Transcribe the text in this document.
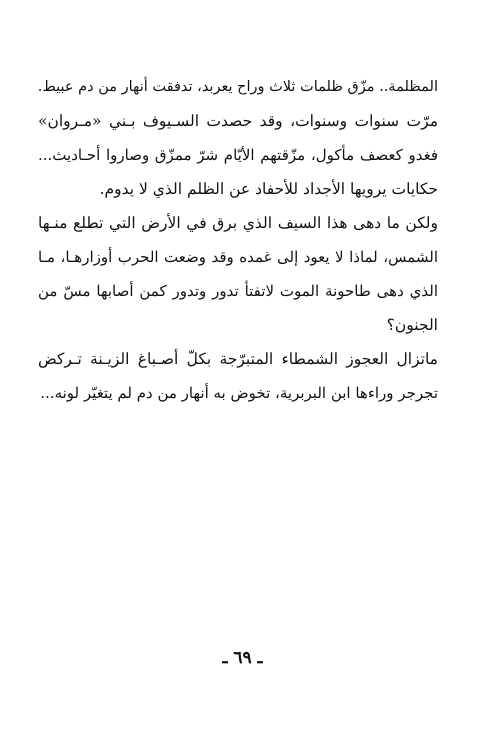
المظلمة.. مزّق ظلمات ثلاث وراح يعربد، تدفقت أنهار من دم عبيط.
مرّت سنوات وسنوات، وقد حصدت السـيوف بـني «مـروان»
فغدو كعصف مأكول، مزّقتهم الأيّام شرّ ممزّق وصاروا أحـاديث...
حكايات يرويها الأجداد للأحفاد عن الظلم الذي لا يدوم.
ولكن ما دهى هذا السيف الذي برق في الأرض التي تطلع منـها
الشمس، لماذا لا يعود إلى غمده وقد وضعت الحرب أوزارهـا، مـا
الذي دهى طاحونة الموت لاتفتأ تدور وتدور كمن أصابها مسّ من
الجنون؟
ماتزال العجوز الشمطاء المتبرّجة بكلّ أصـباغ الزيـنة تـركض
تجرجر وراءها ابن البربرية، تخوض به أنهار من دم لم يتغيّر لونه...
ـ ٦٩ ـ
